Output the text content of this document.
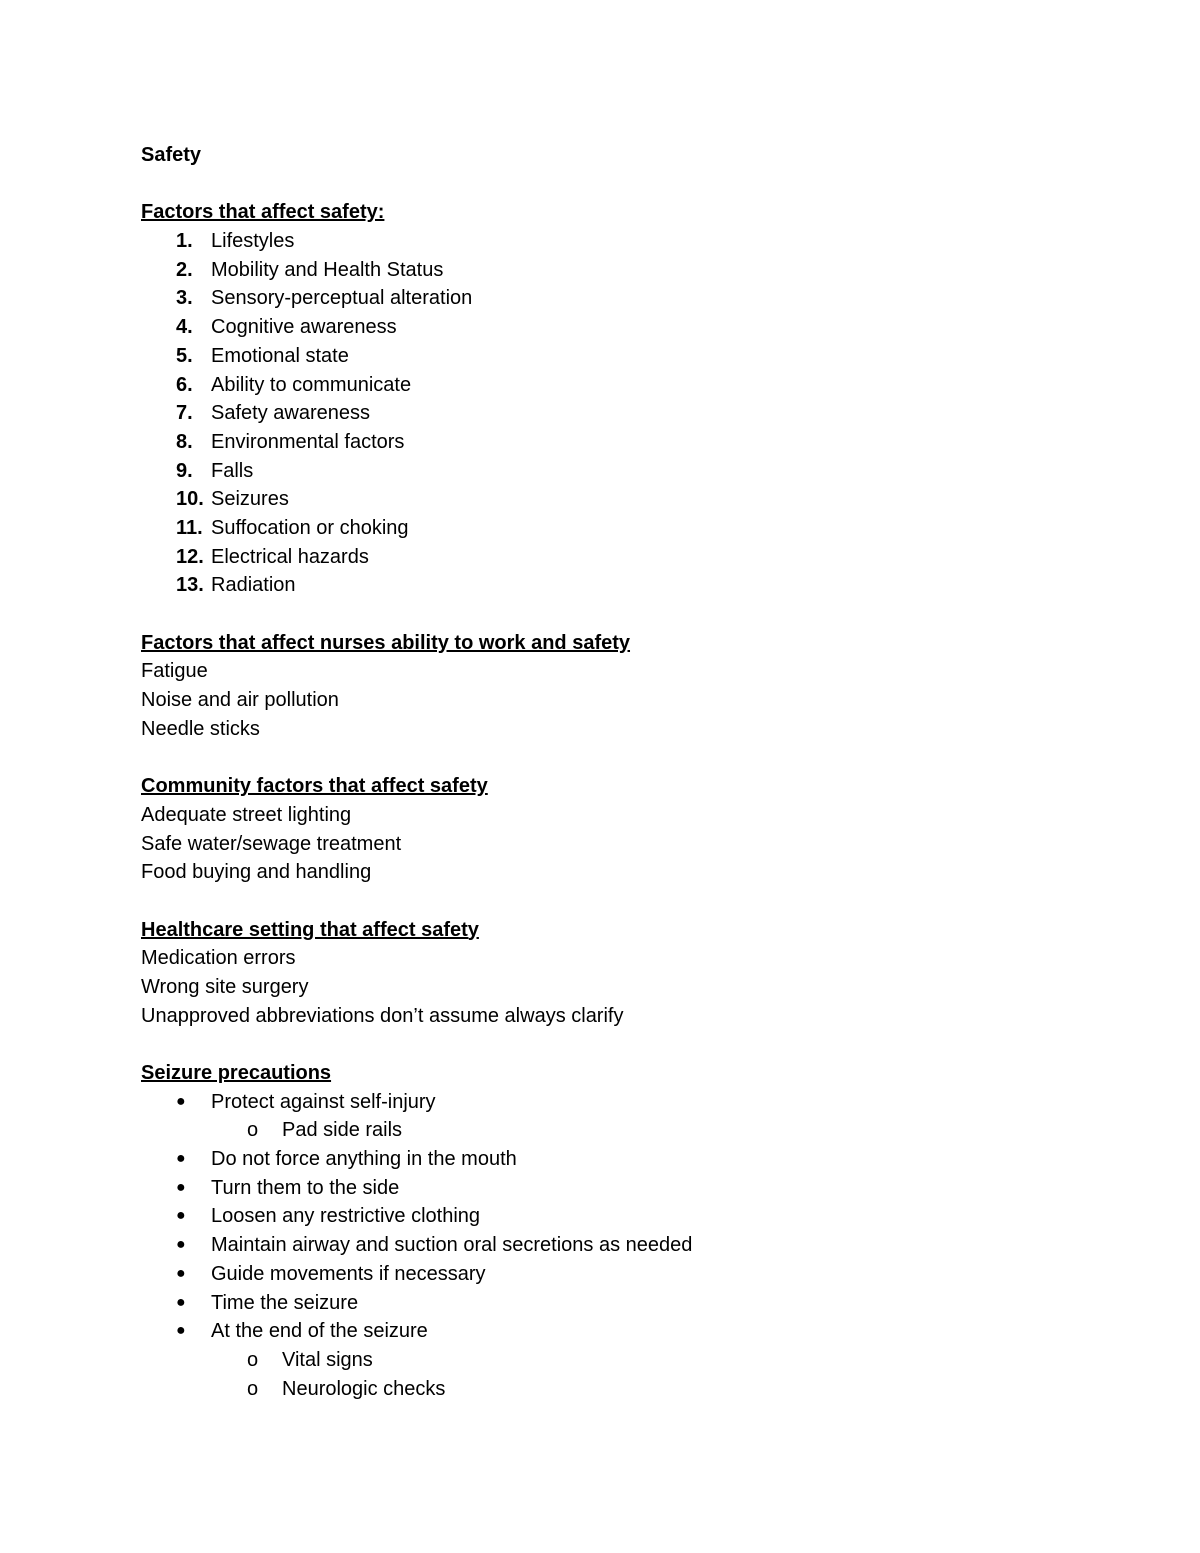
Safety
Factors that affect safety:
1. Lifestyles
2. Mobility and Health Status
3. Sensory-perceptual alteration
4. Cognitive awareness
5. Emotional state
6. Ability to communicate
7. Safety awareness
8. Environmental factors
9. Falls
10. Seizures
11. Suffocation or choking
12. Electrical hazards
13. Radiation
Factors that affect nurses ability to work and safety
Fatigue
Noise and air pollution
Needle sticks
Community factors that affect safety
Adequate street lighting
Safe water/sewage treatment
Food buying and handling
Healthcare setting that affect safety
Medication errors
Wrong site surgery
Unapproved abbreviations don’t assume always clarify
Seizure precautions
●	Protect against self-injury
o	Pad side rails
●	Do not force anything in the mouth
●	Turn them to the side
●	Loosen any restrictive clothing
●	Maintain airway and suction oral secretions as needed
●	Guide movements if necessary
●	Time the seizure
●	At the end of the seizure
o	Vital signs
o	Neurologic checks
